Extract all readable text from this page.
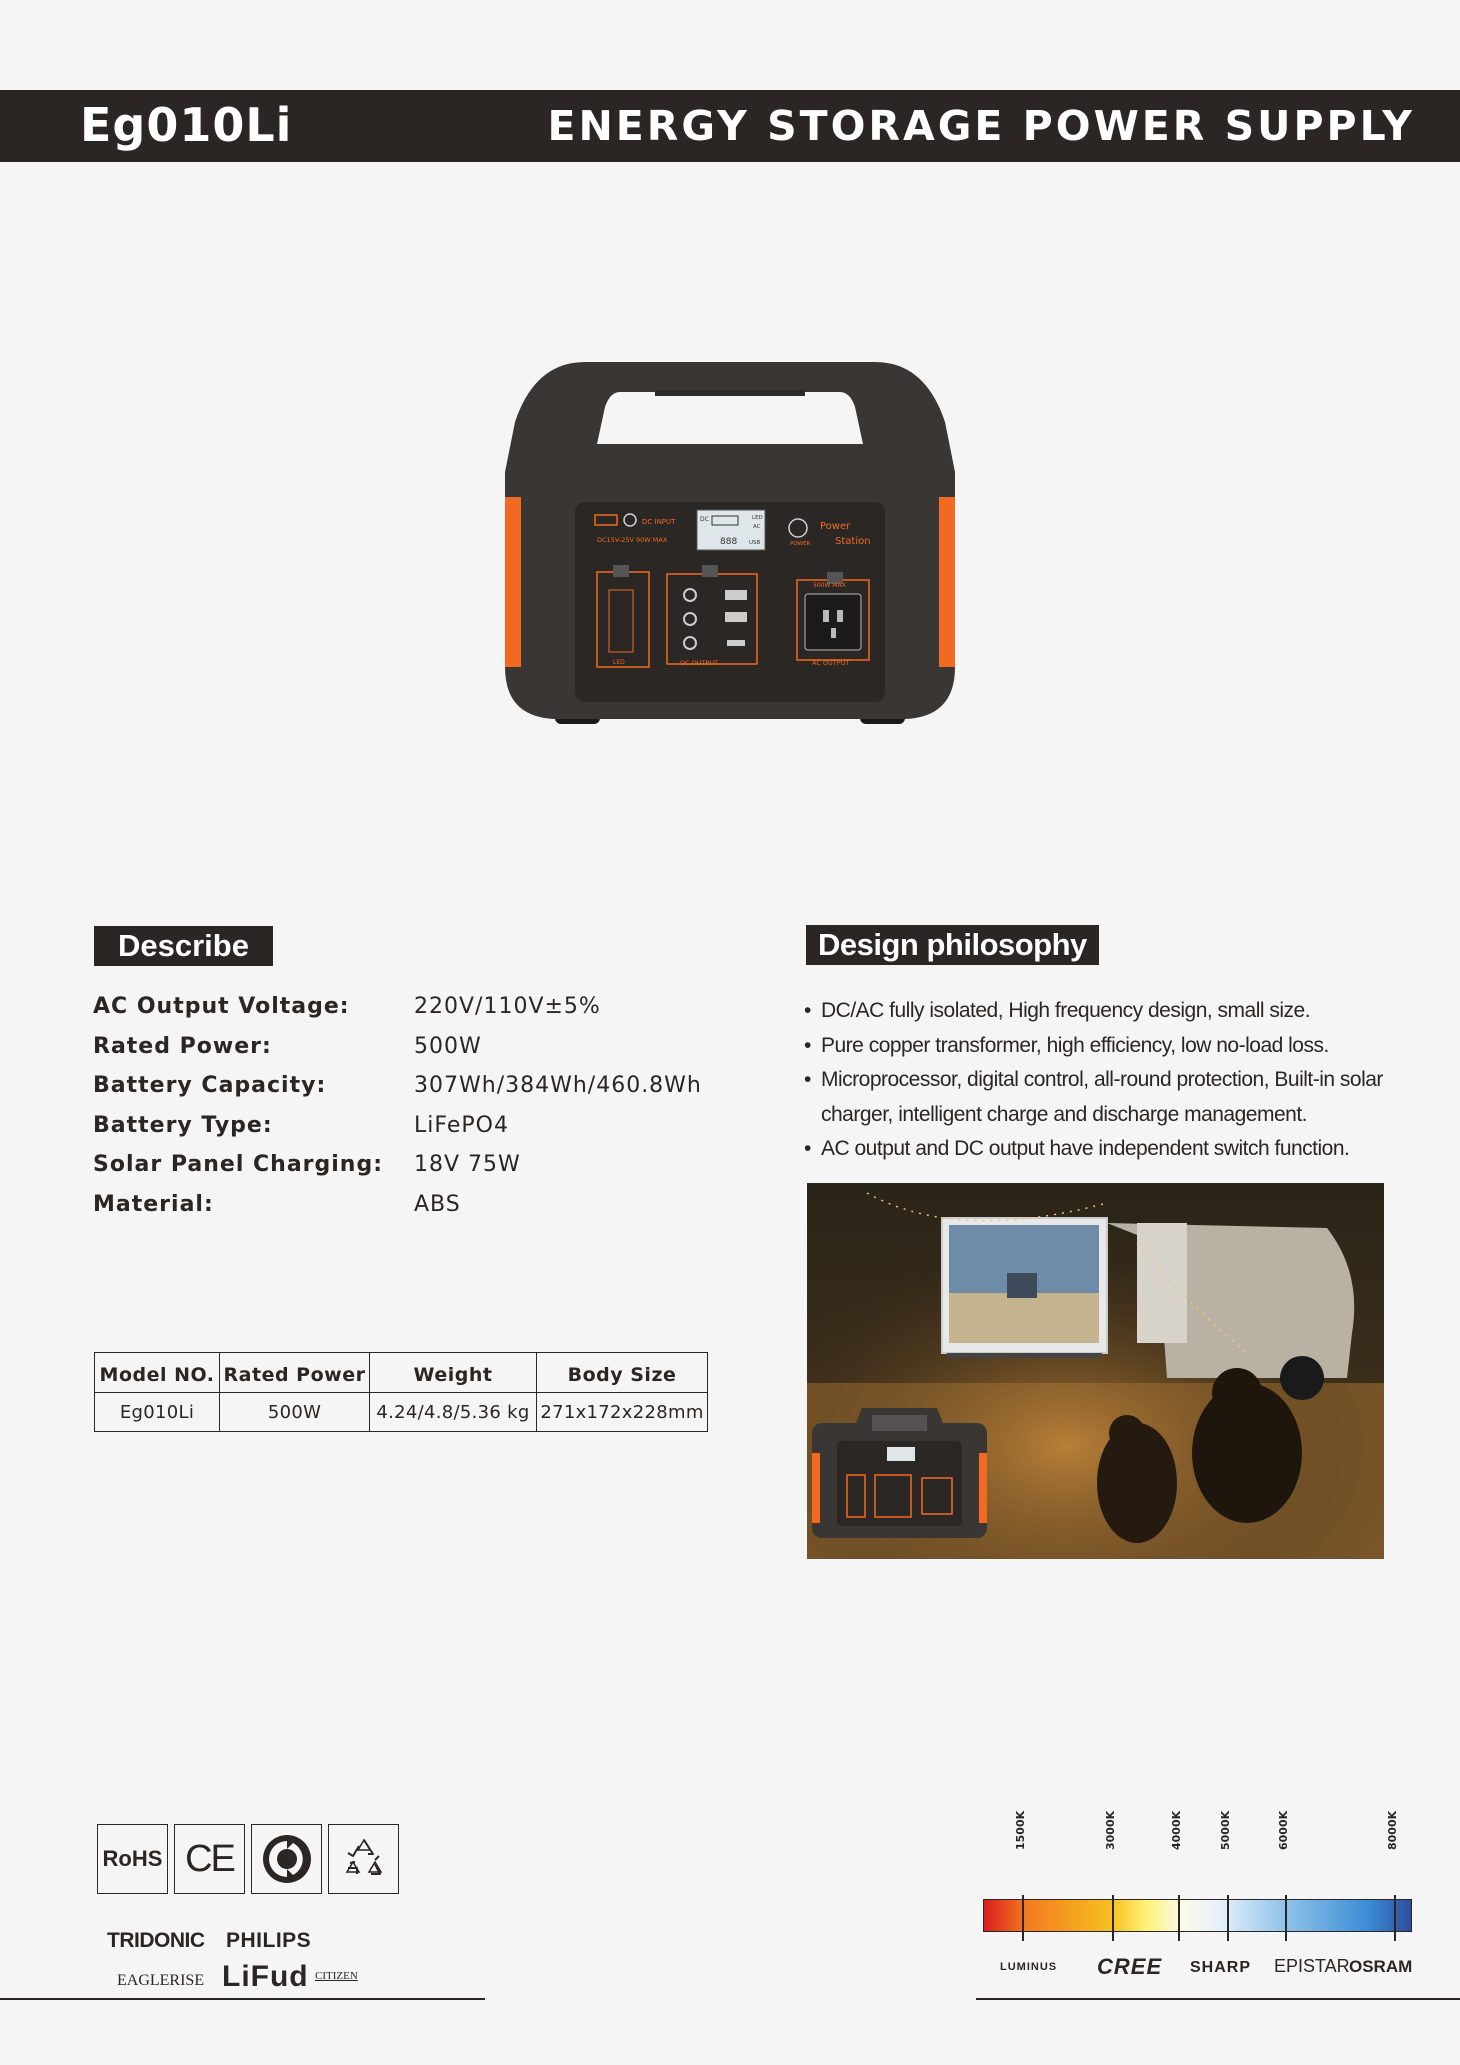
Eg010Li	ENERGY STORAGE POWER SUPPLY
DC INPUT
DC15V-25V 90W MAX
DC	LED
AC
888 USB	POWER
Power
Station
LED	DC OUTPUT
500W MAX
AC OUTPUT
Describe
AC Output Voltage:	220V/110V±5%
Rated Power:	500W
Battery Capacity:	307Wh/384Wh/460.8Wh
Battery Type:	LiFePO4
Solar Panel Charging: 18V 75W
Material:	ABS
Design philosophy
• DC/AC fully isolated, High frequency design, small size.
• Pure copper transformer, high efficiency, low no-load loss.
• Microprocessor, digital control, all-round protection, Built-in solar charger, intelligent charge and discharge management.
• AC output and DC output have independent switch function.
Model NO.	Rated Power	Weight	Body Size
Eg010Li	500W	4.24/4.8/5.36 kg	271x172x228mm
RoHS CE
TRIDONIC PHILIPS
EAGLERISE LiFud CITIZEN
1500K	3000K	4000K	5000K	6000K	8000K
LUMINUS CREE SHARP EPISTAR OSRAM
